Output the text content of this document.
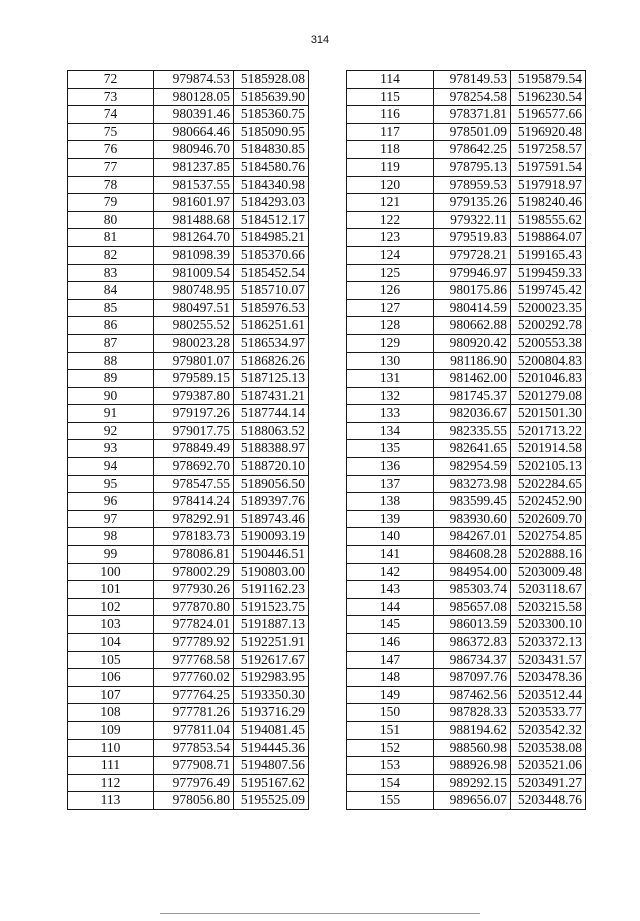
314
72	979874.53	5185928.08
73	980128.05	5185639.90
74	980391.46	5185360.75
75	980664.46	5185090.95
76	980946.70	5184830.85
77	981237.85	5184580.76
78	981537.55	5184340.98
79	981601.97	5184293.03
80	981488.68	5184512.17
81	981264.70	5184985.21
82	981098.39	5185370.66
83	981009.54	5185452.54
84	980748.95	5185710.07
85	980497.51	5185976.53
86	980255.52	5186251.61
87	980023.28	5186534.97
88	979801.07	5186826.26
89	979589.15	5187125.13
90	979387.80	5187431.21
91	979197.26	5187744.14
92	979017.75	5188063.52
93	978849.49	5188388.97
94	978692.70	5188720.10
95	978547.55	5189056.50
96	978414.24	5189397.76
97	978292.91	5189743.46
98	978183.73	5190093.19
99	978086.81	5190446.51
100	978002.29	5190803.00
101	977930.26	5191162.23
102	977870.80	5191523.75
103	977824.01	5191887.13
104	977789.92	5192251.91
105	977768.58	5192617.67
106	977760.02	5192983.95
107	977764.25	5193350.30
108	977781.26	5193716.29
109	977811.04	5194081.45
110	977853.54	5194445.36
111	977908.71	5194807.56
112	977976.49	5195167.62
113	978056.80	5195525.09
114	978149.53	5195879.54
115	978254.58	5196230.54
116	978371.81	5196577.66
117	978501.09	5196920.48
118	978642.25	5197258.57
119	978795.13	5197591.54
120	978959.53	5197918.97
121	979135.26	5198240.46
122	979322.11	5198555.62
123	979519.83	5198864.07
124	979728.21	5199165.43
125	979946.97	5199459.33
126	980175.86	5199745.42
127	980414.59	5200023.35
128	980662.88	5200292.78
129	980920.42	5200553.38
130	981186.90	5200804.83
131	981462.00	5201046.83
132	981745.37	5201279.08
133	982036.67	5201501.30
134	982335.55	5201713.22
135	982641.65	5201914.58
136	982954.59	5202105.13
137	983273.98	5202284.65
138	983599.45	5202452.90
139	983930.60	5202609.70
140	984267.01	5202754.85
141	984608.28	5202888.16
142	984954.00	5203009.48
143	985303.74	5203118.67
144	985657.08	5203215.58
145	986013.59	5203300.10
146	986372.83	5203372.13
147	986734.37	5203431.57
148	987097.76	5203478.36
149	987462.56	5203512.44
150	987828.33	5203533.77
151	988194.62	5203542.32
152	988560.98	5203538.08
153	988926.98	5203521.06
154	989292.15	5203491.27
155	989656.07	5203448.76
